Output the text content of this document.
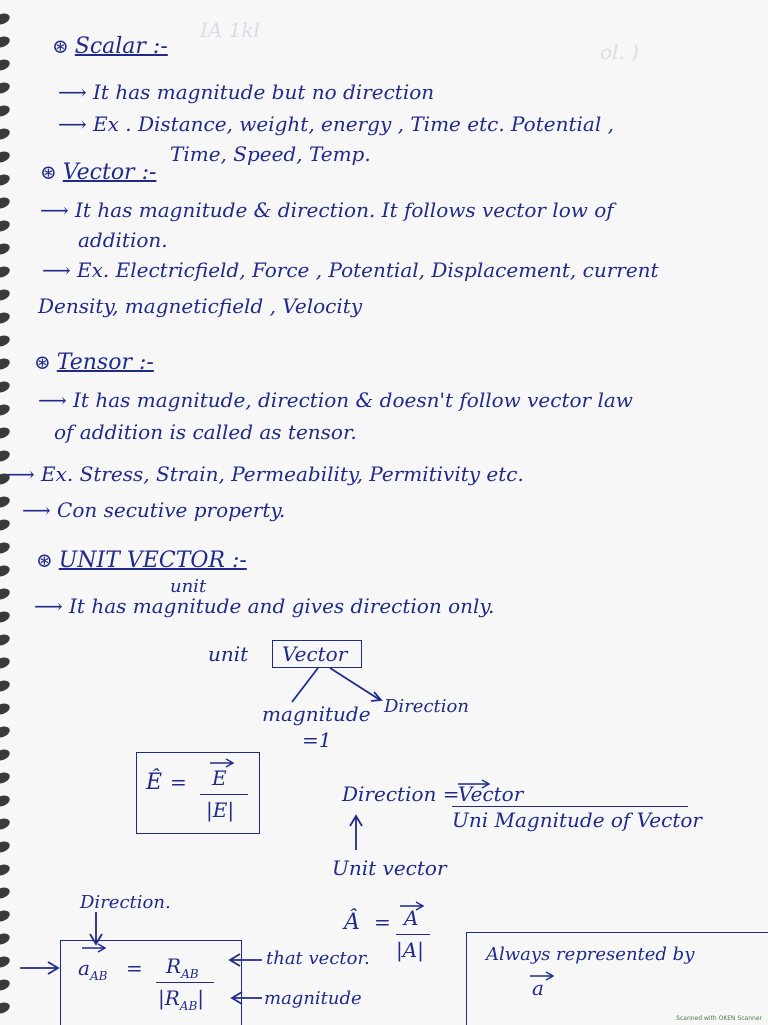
IA 1kl
ol. )
⊛ Scalar :-
⟶ It has magnitude but no direction
⟶ Ex . Distance, weight, energy , Time etc. Potential ,
Time, Speed, Temp.
⊛ Vector :-
⟶ It has magnitude & direction. It follows vector low of
addition.
⟶ Ex. Electricfield, Force , Potential, Displacement, current
Density, magneticfield , Velocity
⊛ Tensor :-
⟶ It has magnitude, direction & doesn't follow vector law
of addition is called as tensor.
⟶ Ex. Stress, Strain, Permeability, Permitivity etc.
⟶ Con secutive property.
⊛ UNIT VECTOR :-
unit
⟶ It has magnitude and gives direction only.
unit Vector
magnitude
=1
Direction
Ê = E
|E|
Direction =
Vector
Uni Magnitude of Vector
Unit vector
Â = A
|A|
Direction.
$a_{AB} = R_{AB}$
$|R_{AB}|$
that vector.
magnitude
Always represented by
a
Scanned with OKEN Scanner
